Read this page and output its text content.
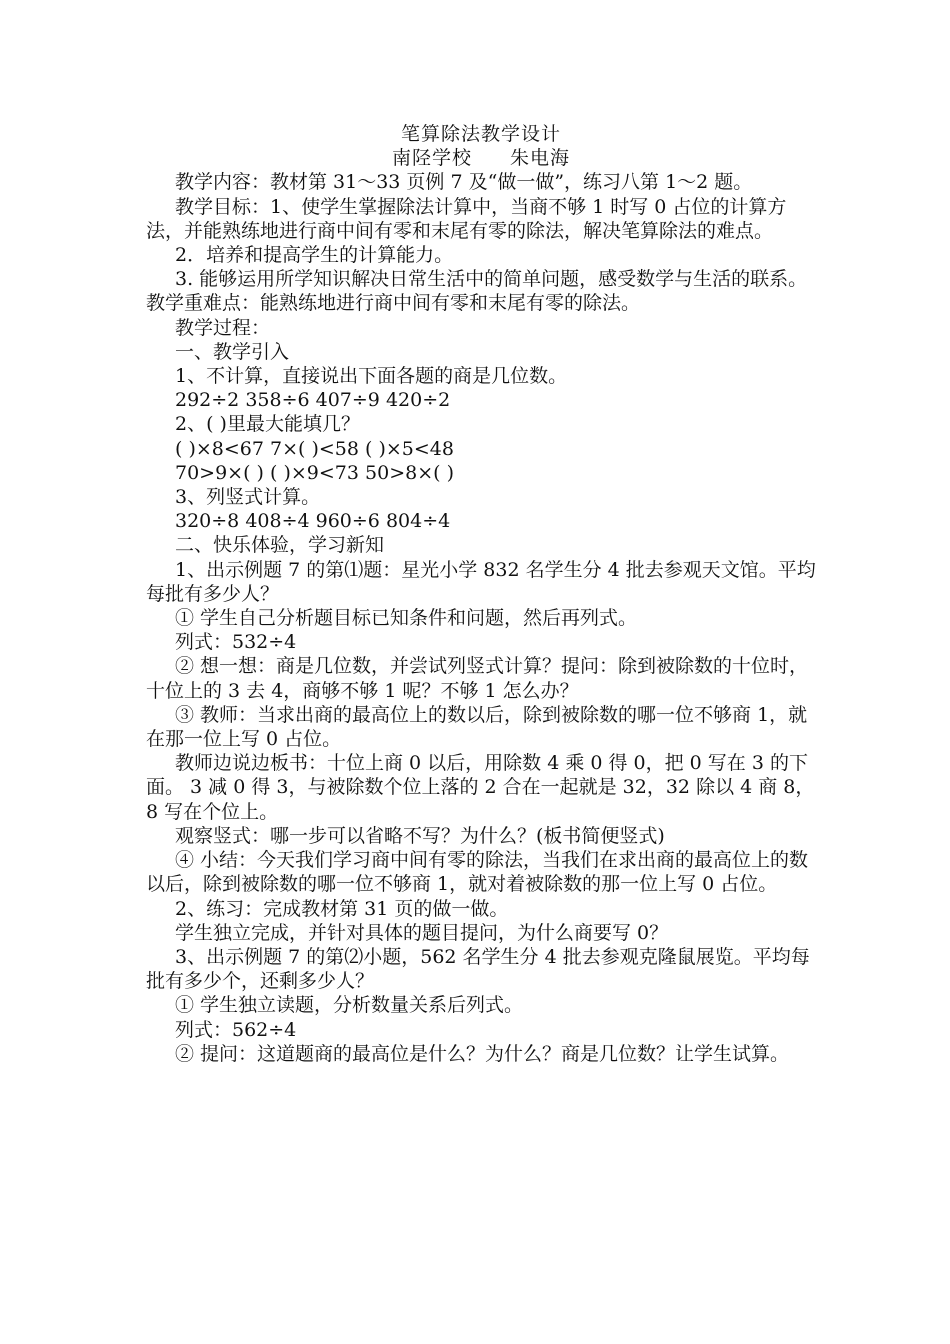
笔算除法教学设计

南陉学校 朱电海

教学内容：教材第 31～33 页例 7 及“做一做”，练习八第 1～2 题。

教学目标：1、使学生掌握除法计算中，当商不够 1 时写 0 占位的计算方法，并能熟练地进行商中间有零和末尾有零的除法，解决笔算除法的难点。

2．培养和提高学生的计算能力。

3. 能够运用所学知识解决日常生活中的简单问题，感受数学与生活的联系。 教学重难点：能熟练地进行商中间有零和末尾有零的除法。

教学过程：

一、教学引入

1、不计算，直接说出下面各题的商是几位数。

292÷2 358÷6 407÷9 420÷2

2、( )里最大能填几？

( )×8<67 7×( )<58 ( )×5<48

70>9×( ) ( )×9<73 50>8×( )

3、列竖式计算。

320÷8 408÷4 960÷6 804÷4

二、快乐体验，学习新知

1、出示例题 7 的第⑴题：星光小学 832 名学生分 4 批去参观天文馆。平均每批有多少人？

① 学生自己分析题目标已知条件和问题，然后再列式。

列式：532÷4

② 想一想：商是几位数，并尝试列竖式计算？提问：除到被除数的十位时，十位上的 3 去 4，商够不够 1 呢？不够 1 怎么办？

③ 教师：当求出商的最高位上的数以后，除到被除数的哪一位不够商 1，就在那一位上写 0 占位。

教师边说边板书：十位上商 0 以后，用除数 4 乘 0 得 0，把 0 写在 3 的下面。 3 减 0 得 3，与被除数个位上落的 2 合在一起就是 32，32 除以 4 商 8，8 写在个位上。

观察竖式：哪一步可以省略不写？为什么？(板书简便竖式)

④ 小结：今天我们学习商中间有零的除法，当我们在求出商的最高位上的数以后，除到被除数的哪一位不够商 1，就对着被除数的那一位上写 0 占位。

2、练习：完成教材第 31 页的做一做。

学生独立完成，并针对具体的题目提问，为什么商要写 0？

3、出示例题 7 的第⑵小题，562 名学生分 4 批去参观克隆鼠展览。平均每批有多少个，还剩多少人？

① 学生独立读题，分析数量关系后列式。

列式：562÷4

② 提问：这道题商的最高位是什么？为什么？商是几位数？让学生试算。
